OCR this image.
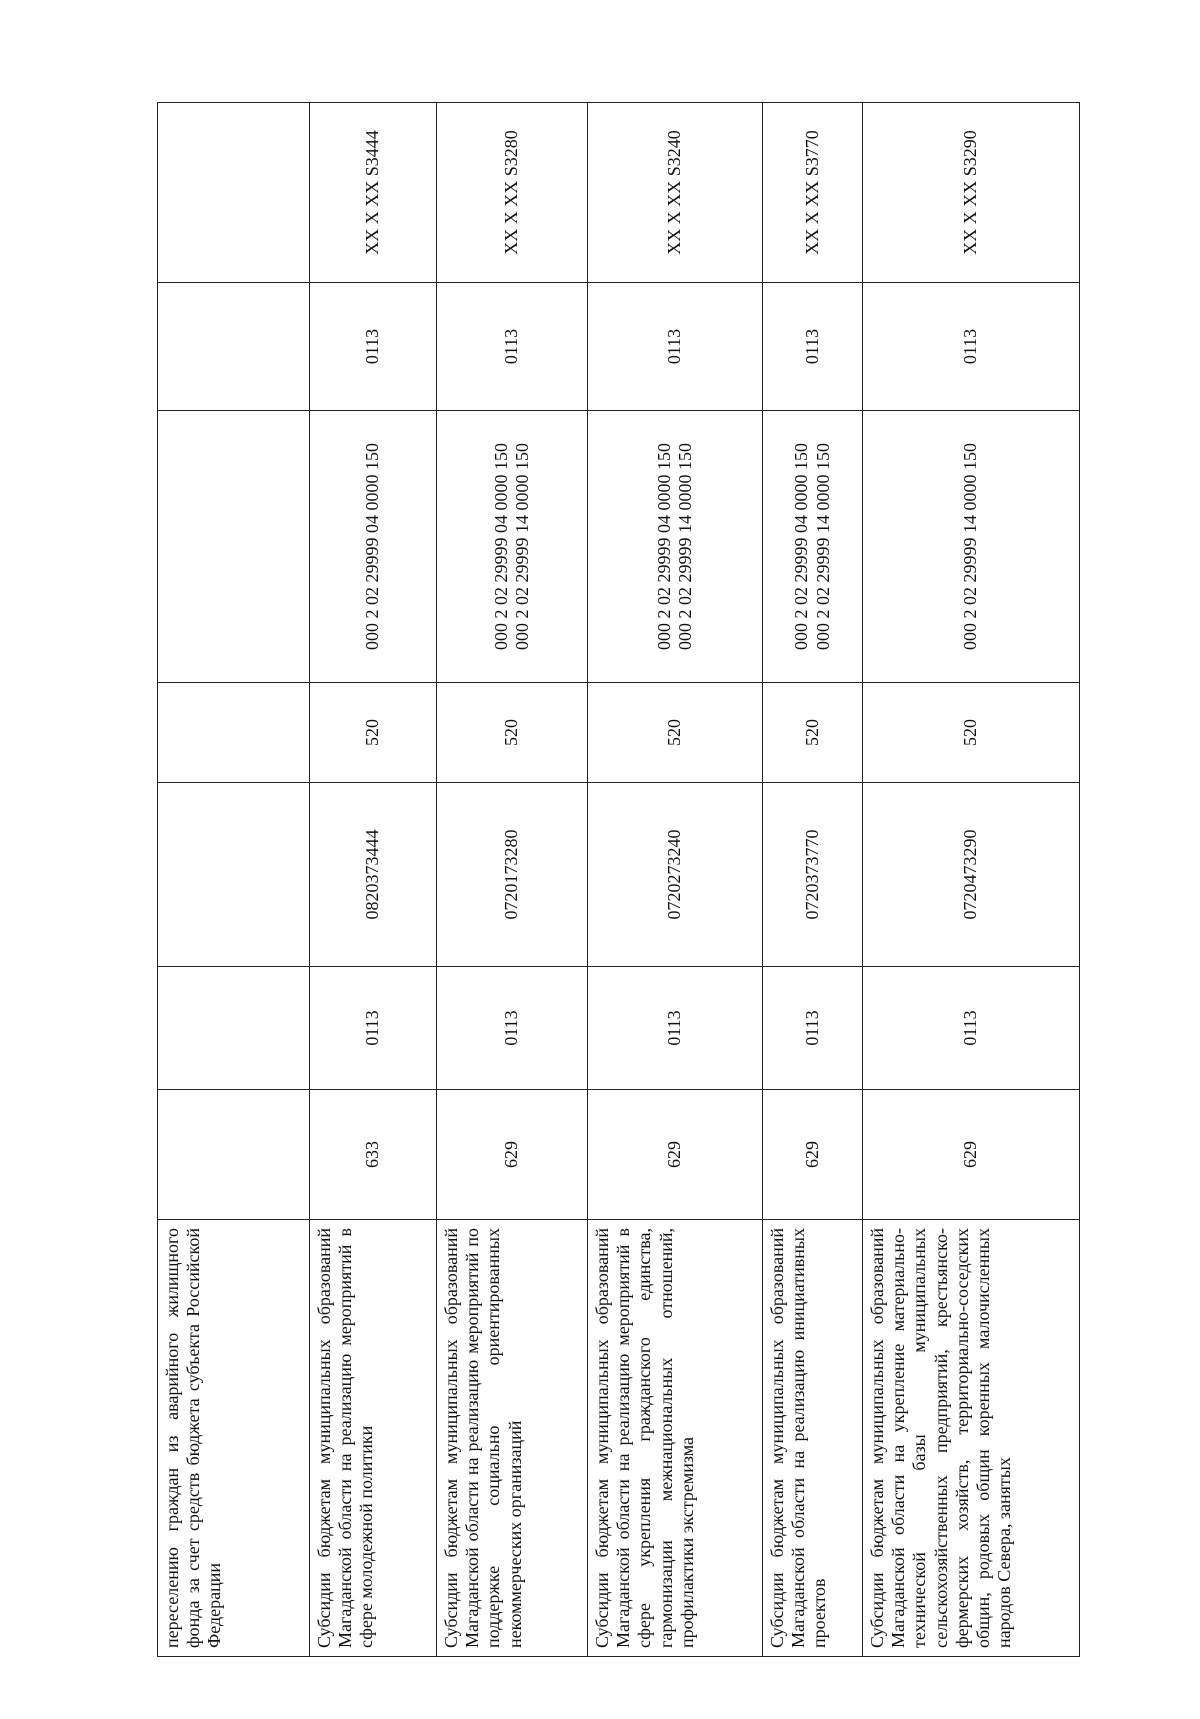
переселению граждан из аварийного жилищного фонда за счет средств бюджета субъекта Российской Федерации					

Субсидии бюджетам муниципальных образований Магаданской области на реализацию мероприятий в сфере молодежной политики	633	0113	0820373444	520	000 2 02 29999 04 0000 150	0113	XX X XX S3444
Субсидии бюджетам муниципальных образований Магаданской области на реализацию мероприятий по поддержке социально ориентированных некоммерческих организаций	629	0113	0720173280	520	000 2 02 29999 04 0000 150 000 2 02 29999 14 0000 150	0113	XX X XX S3280
Субсидии бюджетам муниципальных образований Магаданской области на реализацию мероприятий в сфере укрепления гражданского единства, гармонизации межнациональных отношений, профилактики экстремизма	629	0113	0720273240	520	000 2 02 29999 04 0000 150 000 2 02 29999 14 0000 150	0113	XX X XX S3240
Субсидии бюджетам муниципальных образований Магаданской области на реализацию инициативных проектов	629	0113	0720373770	520	000 2 02 29999 04 0000 150 000 2 02 29999 14 0000 150	0113	XX X XX S3770
Субсидии бюджетам муниципальных образований Магаданской области на укрепление материально-технической базы муниципальных сельскохозяйственных предприятий, крестьянско-фермерских хозяйств, территориально-соседских общин, родовых общин коренных малочисленных народов Севера, занятых	629	0113	0720473290	520	000 2 02 29999 14 0000 150	0113	XX X XX S3290
